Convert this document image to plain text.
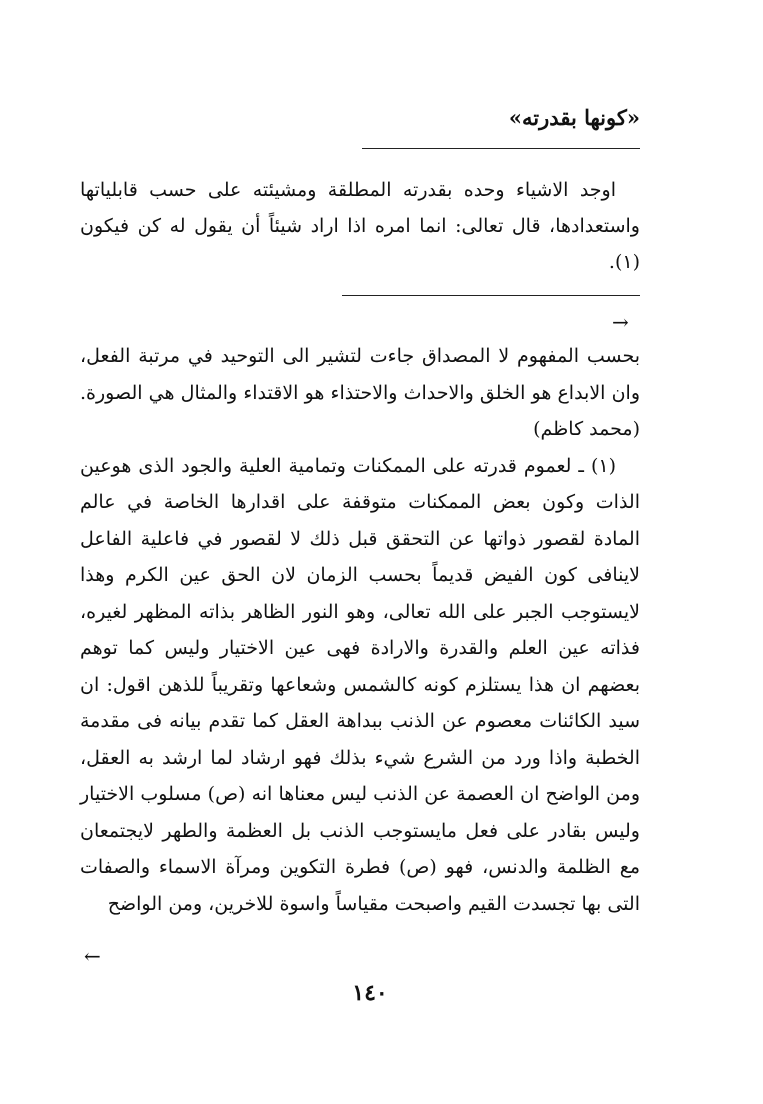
«كونها بقدرته»

اوجد الاشياء وحده بقدرته المطلقة ومشيئته على حسب قابلياتها واستعدادها، قال تعالى: انما امره اذا اراد شيئاً أن يقول له كن فيكون (١).

→

بحسب المفهوم لا المصداق جاءت لتشير الى التوحيد في مرتبة الفعل، وان الابداع هو الخلق والاحداث والاحتذاء هو الاقتداء والمثال هي الصورة. (محمد كاظم)

(١) ـ لعموم قدرته على الممكنات وتمامية العلية والجود الذى هوعين الذات وكون بعض الممكنات متوقفة على اقدارها الخاصة في عالم المادة لقصور ذواتها عن التحقق قبل ذلك لا لقصور في فاعلية الفاعل لاينافى كون الفيض قديماً بحسب الزمان لان الحق عين الكرم وهذا لايستوجب الجبر على الله تعالى، وهو النور الظاهر بذاته المظهر لغيره، فذاته عين العلم والقدرة والارادة فهى عين الاختيار وليس كما توهم بعضهم ان هذا يستلزم كونه كالشمس وشعاعها وتقريباً للذهن اقول: ان سيد الكائنات معصوم عن الذنب ببداهة العقل كما تقدم بيانه فى مقدمة الخطبة واذا ورد من الشرع شيء بذلك فهو ارشاد لما ارشد به العقل، ومن الواضح ان العصمة عن الذنب ليس معناها انه (ص) مسلوب الاختيار وليس بقادر على فعل مايستوجب الذنب بل العظمة والطهر لايجتمعان مع الظلمة والدنس، فهو (ص) فطرة التكوين ومرآة الاسماء والصفات التى بها تجسدت القيم واصبحت مقياساً واسوة للاخرين، ومن الواضح

←
١٤٠
